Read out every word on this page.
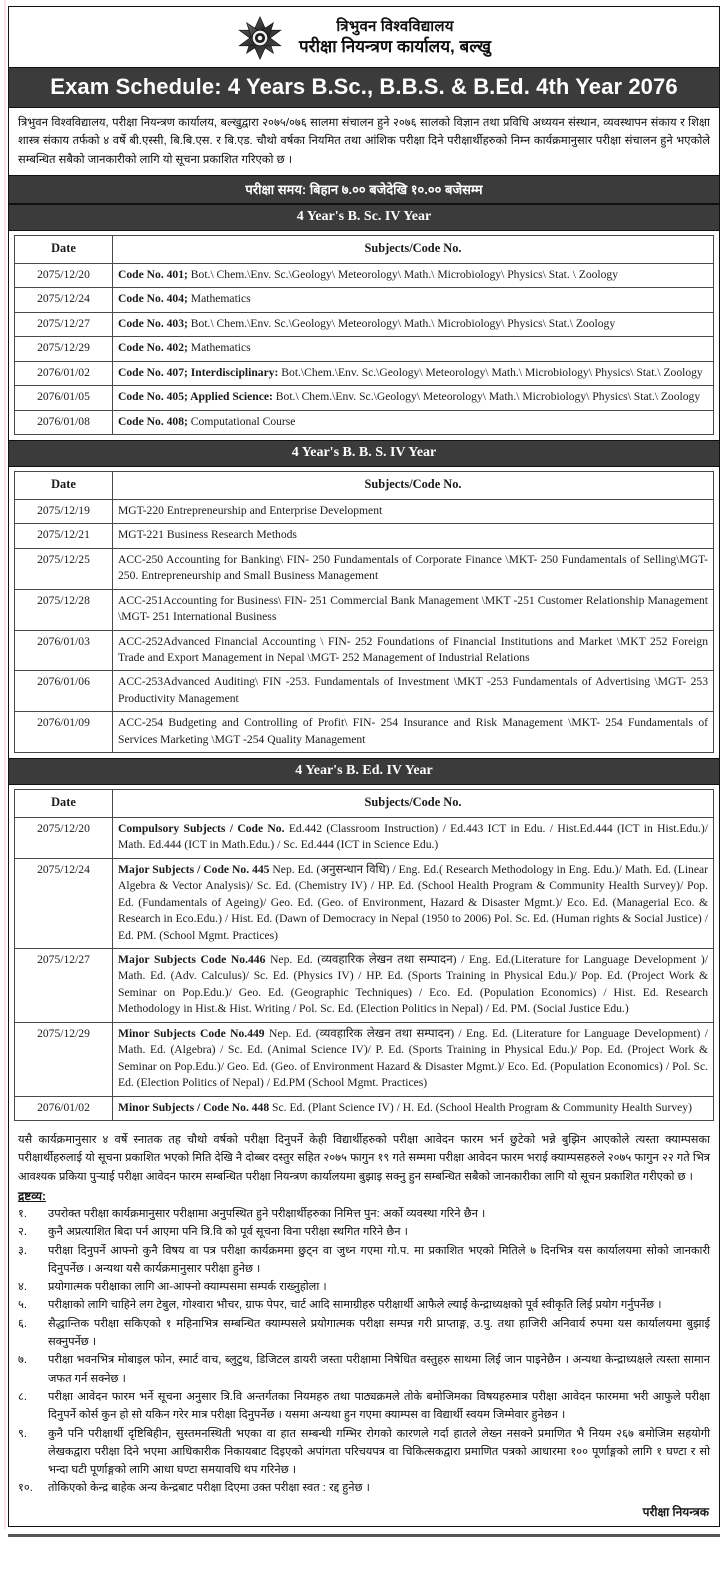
त्रिभुवन विश्वविद्यालय
परीक्षा नियन्त्रण कार्यालय, बल्खु
Exam Schedule: 4 Years B.Sc., B.B.S. & B.Ed. 4th Year 2076
त्रिभुवन विश्वविद्यालय, परीक्षा नियन्त्रण कार्यालय, बल्खुद्वारा २०७५/०७६ सालमा संचालन हुने २०७६ सालको विज्ञान तथा प्रविधि अध्ययन संस्थान, व्यवस्थापन संकाय र शिक्षा शास्त्र संकाय तर्फको ४ वर्षे बी.एस्सी, बि.बि.एस. र बि.एड. चौथो वर्षका नियमित तथा आंशिक परीक्षा दिने परीक्षार्थीहरुको निम्न कार्यक्रमानुसार परीक्षा संचालन हुने भएकोले सम्बन्धित सबैको जानकारीको लागि यो सूचना प्रकाशित गरिएको छ ।
परीक्षा समय: बिहान ७.०० बजेदेखि १०.०० बजेसम्म
4 Year's B. Sc. IV Year
Date	Subjects/Code No.
2075/12/20	Code No. 401; Bot.\ Chem.\Env. Sc.\Geology\ Meteorology\ Math.\ Microbiology\ Physics\ Stat. \ Zoology
2075/12/24	Code No. 404; Mathematics
2075/12/27	Code No. 403; Bot.\ Chem.\Env. Sc.\Geology\ Meteorology\ Math.\ Microbiology\ Physics\ Stat.\ Zoology
2075/12/29	Code No. 402; Mathematics
2076/01/02	Code No. 407; Interdisciplinary: Bot.\Chem.\Env. Sc.\Geology\ Meteorology\ Math.\ Microbiology\ Physics\ Stat.\ Zoology
2076/01/05	Code No. 405; Applied Science: Bot.\ Chem.\Env. Sc.\Geology\ Meteorology\ Math.\ Microbiology\ Physics\ Stat.\ Zoology
2076/01/08	Code No. 408; Computational Course
4 Year's B. B. S. IV Year
Date	Subjects/Code No.
2075/12/19	MGT-220 Entrepreneurship and Enterprise Development
2075/12/21	MGT-221 Business Research Methods
2075/12/25	ACC-250 Accounting for Banking\ FIN- 250 Fundamentals of Corporate Finance \MKT- 250 Fundamentals of Selling\MGT- 250. Entrepreneurship and Small Business Management
2075/12/28	ACC-251Accounting for Business\ FIN- 251 Commercial Bank Management \MKT -251 Customer Relationship Management \MGT- 251 International Business
2076/01/03	ACC-252Advanced Financial Accounting \ FIN- 252 Foundations of Financial Institutions and Market \MKT 252 Foreign Trade and Export Management in Nepal \MGT- 252 Management of Industrial Relations
2076/01/06	ACC-253Advanced Auditing\ FIN -253. Fundamentals of Investment \MKT -253 Fundamentals of Advertising \MGT- 253 Productivity Management
2076/01/09	ACC-254 Budgeting and Controlling of Profit\ FIN- 254 Insurance and Risk Management \MKT- 254 Fundamentals of Services Marketing \MGT -254 Quality Management
4 Year's B. Ed. IV Year
Date	Subjects/Code No.
2075/12/20	Compulsory Subjects / Code No. Ed.442 (Classroom Instruction) / Ed.443 ICT in Edu. / Hist.Ed.444 (ICT in Hist.Edu.)/ Math. Ed.444 (ICT in Math.Edu.) / Sc. Ed.444 (ICT in Science Edu.)
2075/12/24	Major Subjects / Code No. 445 Nep. Ed. (अनुसन्धान विधि) / Eng. Ed.( Research Methodology in Eng. Edu.)/ Math. Ed. (Linear Algebra & Vector Analysis)/ Sc. Ed. (Chemistry IV) / HP. Ed. (School Health Program & Community Health Survey)/ Pop. Ed. (Fundamentals of Ageing)/ Geo. Ed. (Geo. of Environment, Hazard & Disaster Mgmt.)/ Eco. Ed. (Managerial Eco. & Research in Eco.Edu.) / Hist. Ed. (Dawn of Democracy in Nepal (1950 to 2006) Pol. Sc. Ed. (Human rights & Social Justice) / Ed. PM. (School Mgmt. Practices)
2075/12/27	Major Subjects Code No.446 Nep. Ed. (व्यवहारिक लेखन तथा सम्पादन) / Eng. Ed.(Literature for Language Development )/ Math. Ed. (Adv. Calculus)/ Sc. Ed. (Physics IV) / HP. Ed. (Sports Training in Physical Edu.)/ Pop. Ed. (Project Work & Seminar on Pop.Edu.)/ Geo. Ed. (Geographic Techniques) / Eco. Ed. (Population Economics) / Hist. Ed. Research Methodology in Hist.& Hist. Writing / Pol. Sc. Ed. (Election Politics in Nepal) / Ed. PM. (Social Justice Edu.)
2075/12/29	Minor Subjects Code No.449 Nep. Ed. (व्यवहारिक लेखन तथा सम्पादन) / Eng. Ed. (Literature for Language Development) / Math. Ed. (Algebra) / Sc. Ed. (Animal Science IV)/ P. Ed. (Sports Training in Physical Edu.)/ Pop. Ed. (Project Work & Seminar on Pop.Edu.)/ Geo. Ed. (Geo. of Environment Hazard & Disaster Mgmt.)/ Eco. Ed. (Population Economics) / Pol. Sc. Ed. (Election Politics of Nepal) / Ed.PM (School Mgmt. Practices)
2076/01/02	Minor Subjects / Code No. 448 Sc. Ed. (Plant Science IV) / H. Ed. (School Health Program & Community Health Survey)

यसै कार्यक्रमानुसार ४ वर्षे स्नातक तह चौथो वर्षको परीक्षा दिनुपर्ने केही विद्यार्थीहरुको परीक्षा आवेदन फारम भर्न छुटेको भन्ने बुझिन आएकोले त्यस्ता क्याम्पसका परीक्षार्थीहरुलाई यो सूचना प्रकाशित भएको मिति देखि नै दोब्बर दस्तुर सहित २०७५ फागुन १९ गते सम्ममा परीक्षा आवेदन फारम भराई क्याम्पसहरुले २०७५ फागुन २२ गते भित्र आवश्यक प्रकिया पुर्‍याई परीक्षा आवेदन फारम सम्बन्धित परीक्षा नियन्त्रण कार्यालयमा बुझाइ सक्नु हुन सम्बन्धित सबैको जानकारीका लागि यो सूचन प्रकाशित गरीएको छ ।

द्रष्टव्य:
१.	उपरोक्त परीक्षा कार्यक्रमानुसार परीक्षामा अनुपस्थित हुने परीक्षार्थीहरुका निमित्त पुन: अर्को व्यवस्था गरिने छैन ।
२.	कुनै अप्रत्याशित बिदा पर्न आएमा पनि त्रि.वि को पूर्व सूचना विना परीक्षा स्थगित गरिने छैन ।
३.	परीक्षा दिनुपर्ने आफ्नो कुनै विषय वा पत्र परीक्षा कार्यक्रममा छुट्न वा जुध्न गएमा गो.प. मा प्रकाशित भएको मितिले ७ दिनभित्र यस कार्यालयमा सोको जानकारी दिनुपर्नेछ । अन्यथा यसै कार्यक्रमानुसार परीक्षा हुनेछ ।
४.	प्रयोगात्मक परीक्षाका लागि आ-आफ्नो क्याम्पसमा सम्पर्क राख्नुहोला ।
५.	परीक्षाको लागि चाहिने लग टेबुल, गोश्वारा भौचर, ग्राफ पेपर, चार्ट आदि सामाग्रीहरु परीक्षार्थी आफैले ल्याई केन्द्राध्यक्षको पूर्व स्वीकृति लिई प्रयोग गर्नुपर्नेछ ।
६.	सैद्धान्तिक परीक्षा सकिएको १ महिनाभित्र सम्बन्धित क्याम्पसले प्रयोगात्मक परीक्षा सम्पन्न गरी प्राप्ताङ्ग, उ.पु. तथा हाजिरी अनिवार्य रुपमा यस कार्यालयमा बुझाई सक्नुपर्नेछ ।
७.	परीक्षा भवनभित्र मोबाइल फोन, स्मार्ट वाच, ब्लुटुथ, डिजिटल डायरी जस्ता परीक्षामा निषेधित वस्तुहरु साथमा लिई जान पाइनेछैन । अन्यथा केन्द्राध्यक्षले त्यस्ता सामान जफत गर्न सक्नेछ ।
८.	परीक्षा आवेदन फारम भर्ने सूचना अनुसार त्रि.वि अन्तर्गतका नियमहरु तथा पाठ्यक्रमले तोके बमोजिमका विषयहरुमात्र परीक्षा आवेदन फारममा भरी आफुले परीक्षा दिनुपर्ने कोर्स कुन हो सो यकिन गरेर मात्र परीक्षा दिनुपर्नेछ । यसमा अन्यथा हुन गएमा क्याम्पस वा विद्यार्थी स्वयम जिम्मेवार हुनेछन ।
९.	कुनै पनि परीक्षार्थी दृष्टिबिहीन, सुस्तमनस्थिती भएका वा हात सम्बन्धी गम्भिर रोगको कारणले गर्दा हातले लेख्न नसक्ने प्रमाणित भै नियम २६७ बमोजिम सहयोगी लेखकद्वारा परीक्षा दिने भएमा आधिकारीक निकायबाट दिइएको अपांगता परिचयपत्र वा चिकित्सकद्वारा प्रमाणित पत्रको आधारमा १०० पूर्णाङ्गको लागि १ घण्टा र सो भन्दा घटी पूर्णाङ्गको लागि आधा घण्टा समयावधि थप गरिनेछ ।
१०.	तोकिएको केन्द्र बाहेक अन्य केन्द्रबाट परीक्षा दिएमा उक्त परीक्षा स्वत : रद्द हुनेछ ।
परीक्षा नियन्त्रक
